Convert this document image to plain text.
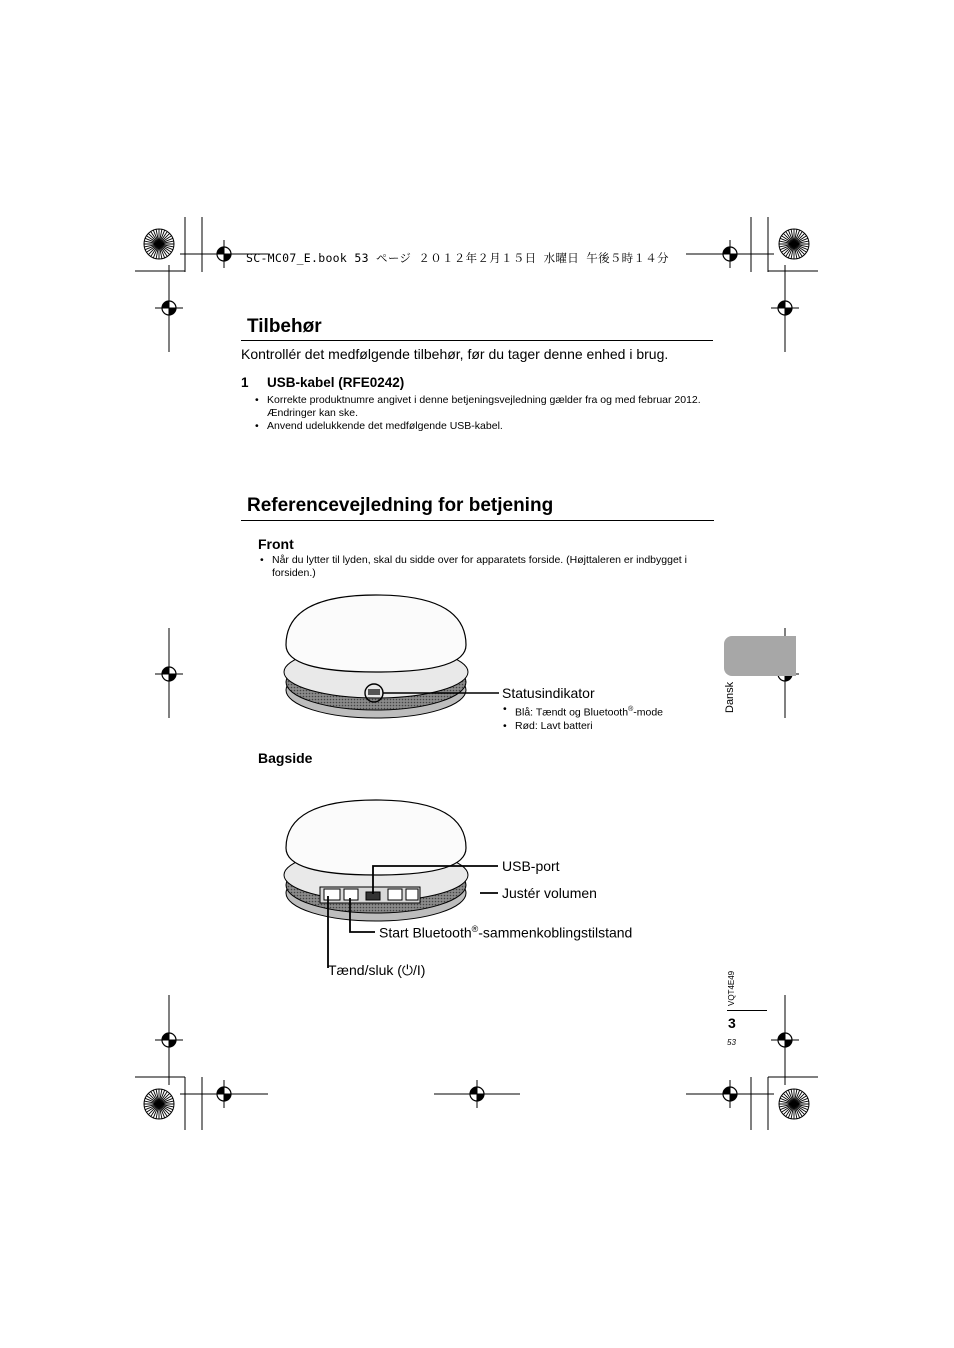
SC-MC07_E.book 53 ページ ２０１２年２月１５日 水曜日 午後５時１４分
Tilbehør
Kontrollér det medfølgende tilbehør, før du tager denne enhed i brug.
1 USB-kabel (RFE0242)
• Korrekte produktnumre angivet i denne betjeningsvejledning gælder fra og med februar 2012. Ændringer kan ske.
• Anvend udelukkende det medfølgende USB-kabel.
Referencevejledning for betjening
Front
• Når du lytter til lyden, skal du sidde over for apparatets forside. (Højttaleren er indbygget i forsiden.)
Statusindikator
• Blå: Tændt og Bluetooth®-mode
• Rød: Lavt batteri
Bagside
USB-port
Justér volumen
Start Bluetooth®-sammenkoblingstilstand
Tænd/sluk (⏻/I)
Dansk
VQT4E49
3
53
